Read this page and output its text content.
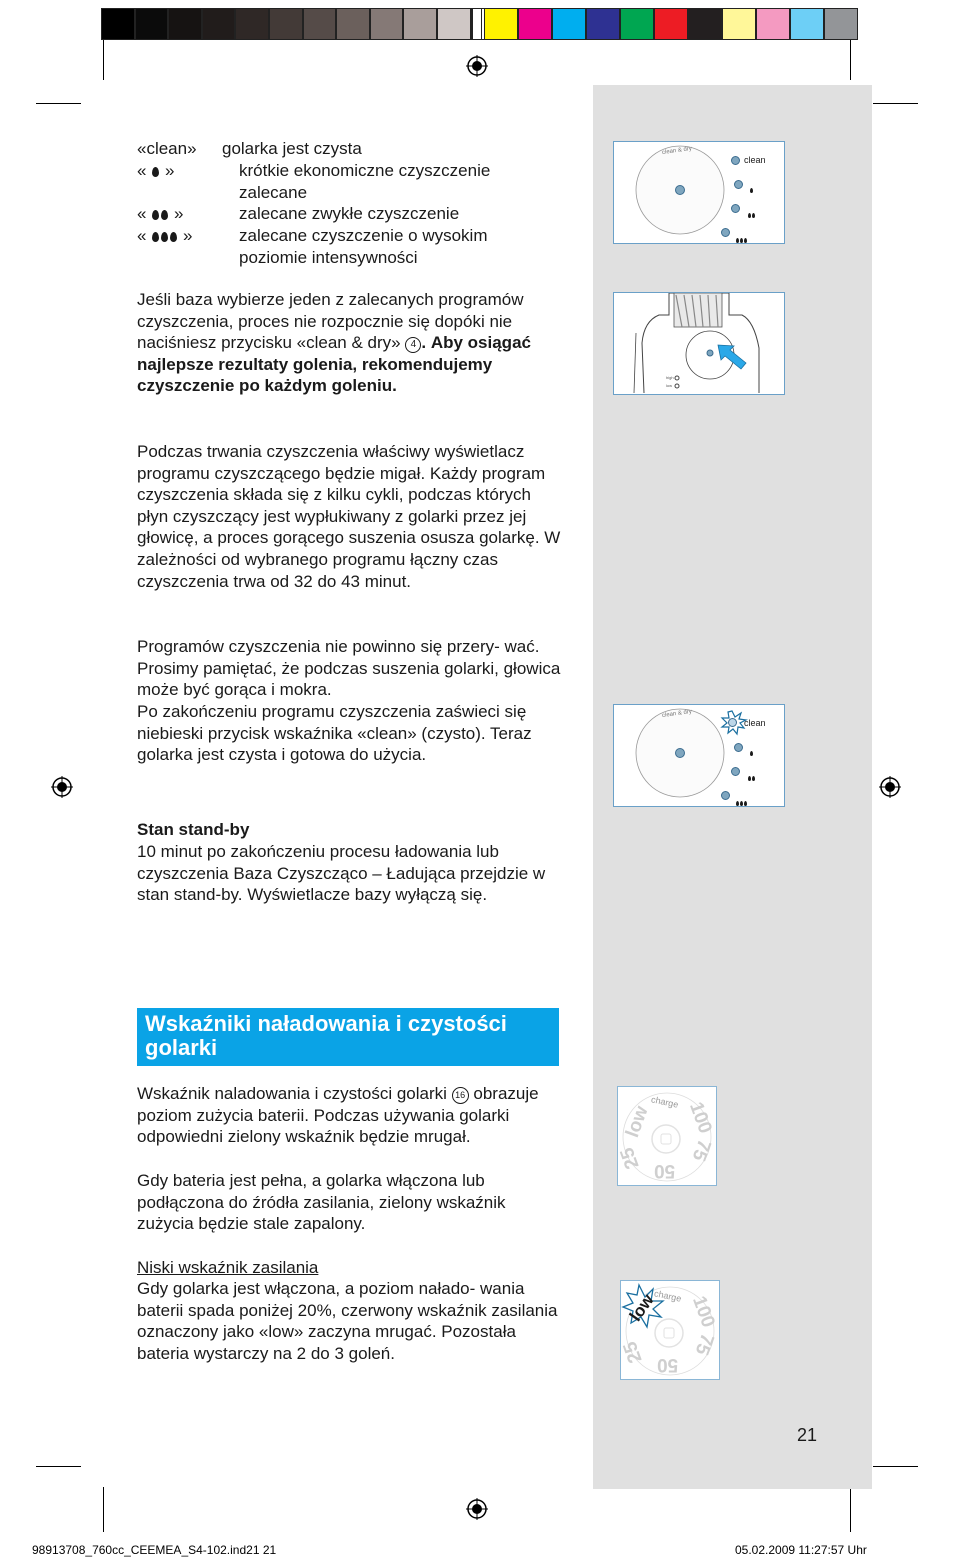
«clean» golarka jest czysta
« »	krótkie ekonomiczne czyszczenie zalecane
« »	zalecane zwykłe czyszczenie
« »	zalecane czyszczenie o wysokim poziomie intensywności

Jeśli baza wybierze jeden z zalecanych programów czyszczenia, proces nie rozpocznie się dopóki nie naciśniesz przycisku «clean & dry» 4 . Aby osiągać najlepsze rezultaty golenia, rekomendujemy czyszczenie po każdym goleniu.

Podczas trwania czyszczenia właściwy wyświetlacz programu czyszczącego będzie migał. Każdy program czyszczenia składa się z kilku cykli, podczas których płyn czyszczący jest wypłukiwany z golarki przez jej głowicę, a proces gorącego suszenia osusza golarkę. W zależności od wybranego programu łączny czas czyszczenia trwa od 32 do 43 minut.

Programów czyszczenia nie powinno się przery- wać. Prosimy pamiętać, że podczas suszenia golarki, głowica może być gorąca i mokra.

Po zakończeniu programu czyszczenia zaświeci się niebieski przycisk wskaźnika «clean» (czysto). Teraz golarka jest czysta i gotowa do użycia.

Stan stand-by

10 minut po zakończeniu procesu ładowania lub czyszczenia Baza Czyszcząco – Ładująca przejdzie w stan stand-by. Wyświetlacze bazy wyłączą się.

Wskaźniki naładowania i czystości golarki

Wskaźnik naladowania i czystości golarki 16 obrazuje poziom zużycia baterii. Podczas używania golarki odpowiedni zielony wskaźnik będzie mrugał.

Gdy bateria jest pełna, a golarka włączona lub podłączona do źródła zasilania, zielony wskaźnik zużycia będzie stale zapalony.

Niski wskaźnik zasilania

Gdy golarka jest włączona, a poziom nałado- wania baterii spada poniżej 20%, czerwony wskaźnik zasilania oznaczony jako «low» zaczyna mrugać. Pozostała bateria wystarczy na 2 do 3 goleń.

clean & dry
clean
high
low
clean & dry
clean
charge
low 100
75
50
25
charge
low 100
75
50
25
21
98913708_760cc_CEEMEA_S4-102.ind21 21	05.02.2009 11:27:57 Uhr
